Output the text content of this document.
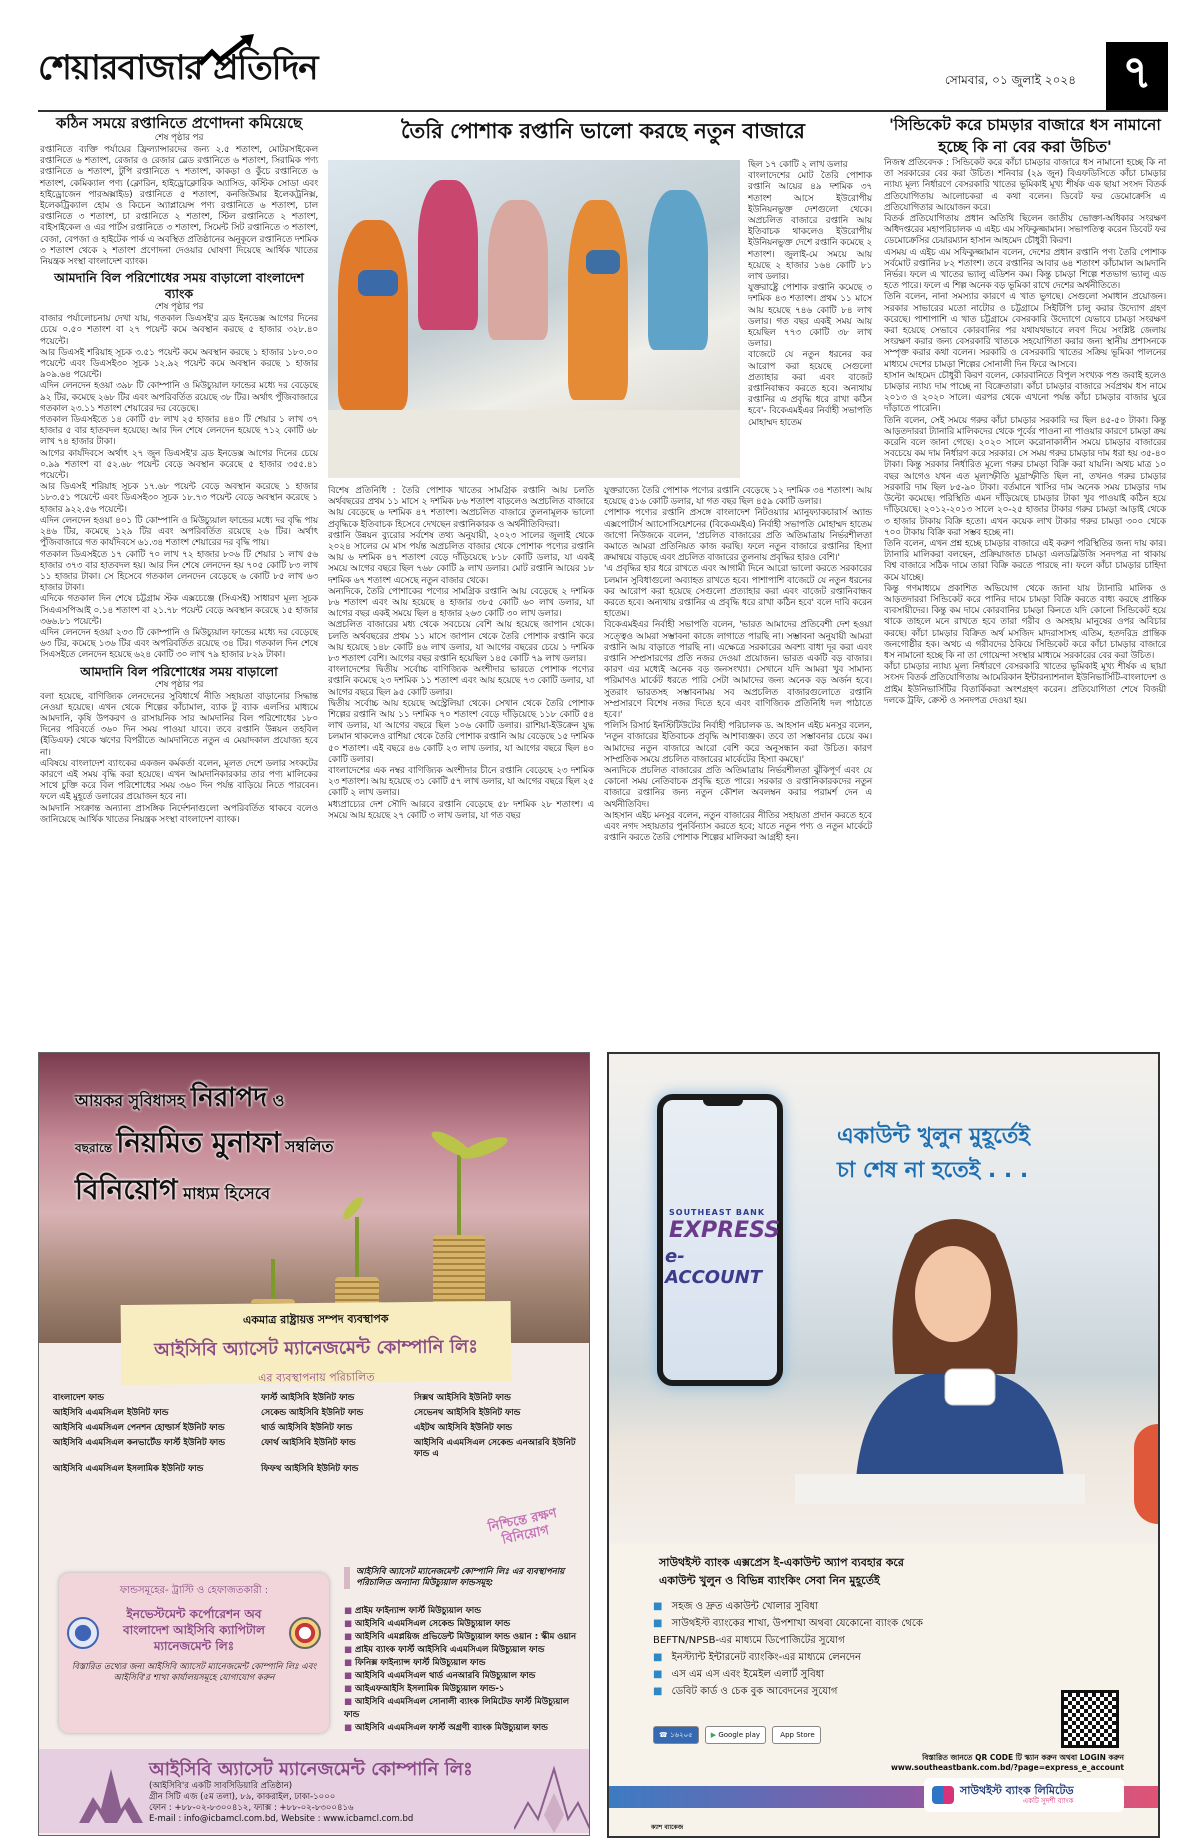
শেয়ারবাজার প্রতিদিন	সোমবার, ০১ জুলাই ২০২৪	৭
কঠিন সময়ে রপ্তানিতে প্রণোদনা কমিয়েছে
শেষ পৃষ্ঠার পর

রপ্তানিতে ব্যক্তি পর্যায়ের ফ্রিল্যান্সারদের জন্য ২.৫ শতাংশ, মোটরসাইকেল রপ্তানিতে ৬ শতাংশ, রেজার ও রেজার ব্লেড রপ্তানিতে ৬ শতাংশ, সিরামিক পণ্য রপ্তানিতে ৬ শতাংশ, টুপি রপ্তানিতে ৭ শতাংশ, কাকড়া ও কুঁচে রপ্তানিতে ৬ শতাংশ, কেমিক্যাল পণ্য (ক্লোরিন, হাইড্রোক্লোরিক অ্যাসিড, কস্টিক সোডা এবং হাইড্রোজেন পারঅক্সাইড) রপ্তানিতে ৫ শতাংশ, কনজিউমার ইলেকট্রনিক্স, ইলেকট্রিক্যাল হোম ও কিচেন অ্যাপ্লায়েন্স পণ্য রপ্তানিতে ৬ শতাংশ, চাল রপ্তানিতে ৩ শতাংশ, চা রপ্তানিতে ২ শতাংশ, স্টিল রপ্তানিতে ২ শতাংশ, বাইসাইকেল ও এর পার্টস রপ্তানিতে ৩ শতাংশ, সিমেন্ট সিট রপ্তানিতে ৩ শতাংশ, বেজা, বেপজা ও হাইটেক পার্ক এ অবস্থিত প্রতিষ্ঠানের অনুকূলে রপ্তানিতে দশমিক ৩ শতাংশ থেকে ২ শতাংশ প্রণোদনা দেওয়ার ঘোষণা দিয়েছে আর্থিক খাতের নিয়ন্ত্রক সংস্থা বাংলাদেশ ব্যাংক।

আমদানি বিল পরিশোধের সময় বাড়ালো বাংলাদেশ ব্যাংক
শেষ পৃষ্ঠার পর

বাজার পর্যালোচনায় দেখা যায়, গতকাল ডিএসই'র ব্রড ইনডেক্স আগের দিনের চেয়ে ০.৫০ শতাংশ বা ২৭ পয়েন্ট কমে অবস্থান করছে ৫ হাজার ৩২৮.৪০ পয়েন্টে।

আর ডিএসই শরিয়াহ সূচক ৩.৫১ পয়েন্ট কমে অবস্থান করছে ১ হাজার ১৮০.০০ পয়েন্টে এবং ডিএসই৩০ সূচক ১২.৯২ পয়েন্ট কমে অবস্থান করছে ১ হাজার ৯০৯.৬৪ পয়েন্টে।

এদিন লেনদেন হওয়া ৩৯৮ টি কোম্পানি ও মিউচ্যুয়াল ফান্ডের মধ্যে দর বেড়েছে ৯২ টির, কমেছে ২৬৮ টির এবং অপরিবর্তিত রয়েছে ৩৮ টির। অর্থাৎ পুঁজিবাজারে গতকাল ২৩.১১ শতাংশ শেয়ারের দর বেড়েছে।

গতকাল ডিএসইতে ১৪ কোটি ৫৮ লাখ ২৫ হাজার ৪৪০ টি শেয়ার ১ লাখ ৩৭ হাজার ৫ বার হাতবদল হয়েছে। আর দিন শেষে লেনদেন হয়েছে ৭১২ কোটি ৬৮ লাখ ৭৪ হাজার টাকা।

আগের কার্যদিবসে অর্থাৎ ২৭ জুন ডিএসই'র ব্রড ইনডেক্স আগের দিনের চেয়ে ০.৯৯ শতাংশ বা ৫২.৬৮ পয়েন্ট বেড়ে অবস্থান করেছে ৫ হাজার ৩৫৫.৪১ পয়েন্টে।

আর ডিএসই শরিয়াহ সূচক ১৭.৬৮ পয়েন্ট বেড়ে অবস্থান করেছে ১ হাজার ১৮৩.৫১ পয়েন্টে এবং ডিএসই৩০ সূচক ১৮.৭৩ পয়েন্ট বেড়ে অবস্থান করেছে ১ হাজার ৯২২.৫৬ পয়েন্টে।

এদিন লেনদেন হওয়া ৪০১ টি কোম্পানি ও মিউচ্যুয়াল ফান্ডের মধ্যে দর বৃদ্ধি পায় ২৪৬ টির, কমেছে ১২৯ টির এবং অপরিবর্তিত রয়েছে ২৬ টির। অর্থাৎ পুঁজিবাজারে গত কার্যদিবসে ৬১.৩৪ শতাংশ শেয়ারের দর বৃদ্ধি পায়।

গতকাল ডিএসইতে ১৭ কোটি ৭০ লাখ ৭২ হাজার ৮০৬ টি শেয়ার ১ লাখ ৫৬ হাজার ৩৭৩ বার হাতবদল হয়। আর দিন শেষে লেনদেন হয় ৭০৫ কোটি ৮৩ লাখ ১১ হাজার টাকা। সে হিসেবে গতকাল লেনদেন বেড়েছে ৬ কোটি ৮৫ লাখ ৬৩ হাজার টাকা।

এদিকে গতকাল দিন শেষে চট্টগ্রাম স্টক এক্সচেঞ্জে (সিএসই) সাধারণ মূল্য সূচক সিএএসপিআই ০.১৪ শতাংশ বা ২১.৭৮ পয়েন্ট বেড়ে অবস্থান করেছে ১৫ হাজার ৩৬৬.৮১ পয়েন্টে।

এদিন লেনদেন হওয়া ২৩৩ টি কোম্পানি ও মিউচ্যুয়াল ফান্ডের মধ্যে দর বেড়েছে ৬৩ টির, কমেছে ১৩৬ টির এবং অপরিবর্তিত রয়েছে ৩৪ টির। গতকাল দিন শেষে সিএসইতে লেনদেন হয়েছে ৬২৪ কোটি ৩০ লাখ ৭৯ হাজার ৮২৯ টাকা।

আমদানি বিল পরিশোধের সময় বাড়ালো
শেষ পৃষ্ঠার পর

বলা হয়েছে, বাণিজ্যিক লেনদেনের সুবিধার্থে নীতি সহায়তা বাড়ানোর সিদ্ধান্ত নেওয়া হয়েছে। এখন থেকে শিল্পের কাঁচামাল, ব্যাক টু ব্যাক এলসির মাধ্যমে আমদানি, কৃষি উপকরণ ও রাসায়নিক সার আমদানির বিল পরিশোধের ১৮০ দিনের পরিবর্তে ৩৬০ দিন সময় পাওয়া যাবে। তবে রপ্তানি উন্নয়ন তহবিল (ইডিএফ) থেকে ঋণের বিপরীতে আমদানিতে নতুন এ মেয়াদকাল প্রযোজ্য হবে না।

এবিষয়ে বাংলাদেশ ব্যাংকের একজন কর্মকর্তা বলেন, মূলত দেশে ডলার সংকটের কারণে এই সময় বৃদ্ধি করা হয়েছে। এখন আমদানিকারকার তার পণ্য মালিকের সাথে চুক্তি করে বিল পরিশোধের সময় ৩৬০ দিন পর্যন্ত বাড়িয়ে নিতে পারবেন। ফলে এই মুহূর্তে ডলারের প্রয়োজন হবে না।

আমদানি সংক্রান্ত অন্যান্য প্রাসঙ্গিক নির্দেশনাগুলো অপরিবর্তিত থাকবে বলেও জানিয়েছে আর্থিক খাতের নিয়ন্ত্রক সংস্থা বাংলাদেশ ব্যাংক।

তৈরি পোশাক রপ্তানি ভালো করছে নতুন বাজারে

ছিল ১৭ কোটি ২ লাখ ডলার

বাংলাদেশের মোট তৈরি পোশাক রপ্তানি আয়ের ৪৯ দশমিক ৩৭ শতাংশ আসে ইউরোপীয় ইউনিয়নভুক্ত দেশগুলো থেকে। অপ্রচলিত বাজারে রপ্তানি আয় ইতিবাচক থাকলেও ইউরোপীয় ইউনিয়নভুক্ত দেশে রপ্তানি কমেছে ২ শতাংশ। জুলাই-মে সময়ে আয় হয়েছে ২ হাজার ১৬৪ কোটি ৮১ লাখ ডলার।

যুক্তরাষ্ট্রে পোশাক রপ্তানি কমেছে ৩ দশমিক ৪৩ শতাংশ। প্রথম ১১ মাসে আয় হয়েছে ৭৪৬ কোটি ৮৪ লাখ ডলার। গত বছর একই সময় আয় হয়েছিল ৭৭৩ কোটি ৩৮ লাখ ডলার।

বাজেটে যে নতুন ধরনের কর আরোপ করা হয়েছে সেগুলো প্রত্যাহার করা এবং বাজেট রপ্তানিবান্ধব করতে হবে। অন্যথায় রপ্তানির এ প্রবৃদ্ধি ধরে রাখা কঠিন হবে'- বিকেএমইএর নির্বাহী সভাপতি মোহাম্মদ হাতেম

বিশেষ প্রতিনিধি : তৈরি পোশাক খাতের সামগ্রিক রপ্তানি আয় চলতি অর্থবছরের প্রথম ১১ মাসে ২ দশমিক ৮৬ শতাংশ বাড়লেও অপ্রচলিত বাজারে আয় বেড়েছে ৬ দশমিক ৪৭ শতাংশ। অপ্রচলিত বাজারে তুলনামূলক ভালো প্রবৃদ্ধিকে ইতিবাচক হিসেবে দেখছেন রপ্তানিকারক ও অর্থনীতিবিদরা।

রপ্তানি উন্নয়ন ব্যুরোর সর্বশেষ তথ্য অনুযায়ী, ২০২৩ সালের জুলাই থেকে ২০২৪ সালের মে মাস পর্যন্ত অপ্রচলিত বাজার থেকে পোশাক পণ্যের রপ্তানি আয় ৬ দশমিক ৪৭ শতাংশ বেড়ে দাঁড়িয়েছে ৮১৮ কোটি ডলার, যা একই সময়ে আগের বছরে ছিল ৭৬৮ কোটি ৯ লাখ ডলার। মোট রপ্তানি আয়ের ১৮ দশমিক ৬৭ শতাংশ এসেছে নতুন বাজার থেকে।

অন্যদিকে, তৈরি পোশাকের পণ্যের সামগ্রিক রপ্তানি আয় বেড়েছে ২ দশমিক ৮৬ শতাংশ এবং আয় হয়েছে ৪ হাজার ৩৮৫ কোটি ৬০ লাখ ডলার, যা আগের বছর একই সময়ে ছিল ৪ হাজার ২৬৩ কোটি ৩০ লাখ ডলার।

অপ্রচলিত বাজারের মধ্য থেকে সবচেয়ে বেশি আয় হয়েছে জাপান থেকে। চলতি অর্থবছরের প্রথম ১১ মাসে জাপান থেকে তৈরি পোশাক রপ্তানি করে আয় হয়েছে ১৪৮ কোটি ৪৬ লাখ ডলার, যা আগের বছরের চেয়ে ১ দশমিক ৮৩ শতাংশ বেশি। আগের বছর রপ্তানি হয়েছিল ১৪৫ কোটি ৭৯ লাখ ডলার।

বাংলাদেশের দ্বিতীয় সর্বোচ্চ বাণিজ্যিক অংশীদার ভারতে পোশাক পণ্যের রপ্তানি কমেছে ২৩ দশমিক ১১ শতাংশ এবং আয় হয়েছে ৭৩ কোটি ডলার, যা আগের বছরে ছিল ৯৫ কোটি ডলার।

দ্বিতীয় সর্বোচ্চ আয় হয়েছে অস্ট্রেলিয়া থেকে। সেখান থেকে তৈরি পোশাক শিল্পের রপ্তানি আয় ১১ দশমিক ৭০ শতাংশ বেড়ে দাঁড়িয়েছে ১১৮ কোটি ৫৪ লাখ ডলার, যা আগের বছরে ছিল ১০৬ কোটি ডলার। রাশিয়া-ইউক্রেন যুদ্ধ চলমান থাকলেও রাশিয়া থেকে তৈরি পোশাক রপ্তানি আয় বেড়েছে ১৫ দশমিক ৫০ শতাংশ। এই বছরে ৪৬ কোটি ২৩ লাখ ডলার, যা আগের বছরে ছিল ৪০ কোটি ডলার।

বাংলাদেশের এক নম্বর বাণিজ্যিক অংশীদার চীনে রপ্তানি বেড়েছে ২৩ দশমিক ২৩ শতাংশ। আয় হয়েছে ৩১ কোটি ৫৭ লাখ ডলার, যা আগের বছরে ছিল ২৫ কোটি ২ লাখ ডলার।

মধ্যপ্রাচ্যের দেশ সৌদি আরবে রপ্তানি বেড়েছে ৫৮ দশমিক ২৮ শতাংশ। এ সময়ে আয় হয়েছে ২৭ কোটি ৩ লাখ ডলার, যা গত বছর

যুক্তরাজ্যে তৈরি পোশাক পণ্যের রপ্তানি বেড়েছে ১২ দশমিক ৩৪ শতাংশ। আয় হয়েছে ৫১৬ কোটি ডলার, যা গত বছর ছিল ৪৫৯ কোটি ডলার।

পোশাক পণ্যের রপ্তানি প্রসঙ্গে বাংলাদেশ নিটওয়্যার ম্যানুফ্যাকচারার্স অ্যান্ড এক্সপোর্টার্স অ্যাসোসিয়েশনের (বিকেএমইএ) নির্বাহী সভাপতি মোহাম্মদ হাতেম জাগো নিউজকে বলেন, 'প্রচলিত বাজারের প্রতি অতিমাত্রায় নির্ভরশীলতা কমাতে আমরা প্রতিনিয়ত কাজ করছি। ফলে নতুন বাজারে রপ্তানির হিস্যা ক্রমান্বয়ে বাড়ছে এবং প্রচলিত বাজারের তুলনায় প্রবৃদ্ধির হারও বেশি।'

'এ প্রবৃদ্ধির হার ধরে রাখতে এবং আগামী দিনে আরো ভালো করতে সরকারের চলমান সুবিধাগুলো অব্যাহত রাখতে হবে। পাশাপাশি বাজেটে যে নতুন ধরনের কর আরোপ করা হয়েছে সেগুলো প্রত্যাহার করা এবং বাজেট রপ্তানিবান্ধব করতে হবে। অন্যথায় রপ্তানির এ প্রবৃদ্ধি ধরে রাখা কঠিন হবে' বলে দাবি করেন হাতেম।

বিকেএমইএর নির্বাহী সভাপতি বলেন, 'ভারত আমাদের প্রতিবেশী দেশ হওয়া সত্ত্বেও আমরা সম্ভাবনা কাজে লাগাতে পারছি না। সম্ভাবনা অনুযায়ী আমরা রপ্তানি আয় বাড়াতে পারছি না। এক্ষেত্রে সরকারের অবশ্য বাধা দূর করা এবং রপ্তানি সম্প্রসারণের প্রতি নজর দেওয়া প্রয়োজন। ভারত একটি বড় বাজার। কারণ এর মধ্যেই অনেক বড় জনসংখ্যা। সেখানে যদি আমরা খুব সামান্য পরিমাণও মার্কেট ধরতে পারি সেটা আমাদের জন্য অনেক বড় অর্জন হবে। সুতরাং ভারতসহ সম্ভাবনাময় সব অপ্রচলিত বাজারগুলোতে রপ্তানি সম্প্রসারণে বিশেষ নজর দিতে হবে এবং বাণিজ্যিক প্রতিনিধি দল পাঠাতে হবে।'

পলিসি রিসার্চ ইনস্টিটিউটের নির্বাহী পরিচালক ড. আহসান এইচ মনসুর বলেন, 'নতুন বাজারের ইতিবাচক প্রবৃদ্ধি আশাব্যঞ্জক। তবে তা সম্ভাবনার চেয়ে কম। আমাদের নতুন বাজারে আরো বেশি করে অনুসন্ধান করা উচিত। কারণ সাম্প্রতিক সময়ে প্রচলিত বাজারের মার্কেটের হিস্যা কমছে।'

অন্যদিকে প্রচলিত বাজারের প্রতি অতিমাত্রায় নির্ভরশীলতা ঝুঁকিপূর্ণ এবং যে কোনো সময় নেতিবাচক প্রবৃদ্ধি হতে পারে। সরকার ও রপ্তানিকারকদের নতুন বাজারে রপ্তানির জন্য নতুন কৌশল অবলম্বন করার পরামর্শ দেন এ অর্থনীতিবিদ।

আহসান এইচ মনসুর বলেন, নতুন বাজারের নীতির সহায়তা প্রদান করতে হবে এবং নগদ সহায়তার পুনর্বিন্যাস করতে হবে; যাতে নতুন পণ্য ও নতুন মার্কেটে রপ্তানি করতে তৈরি পোশাক শিল্পের মালিকরা আগ্রহী হন।

'সিন্ডিকেট করে চামড়ার বাজারে ধস নামানো হচ্ছে কি না বের করা উচিত'

নিজস্ব প্রতিবেদক : সিন্ডিকেট করে কাঁচা চামড়ার বাজারে ধস নামানো হচ্ছে কি না তা সরকারের বের করা উচিত। শনিবার (২৯ জুন) বিএফডিসিতে কাঁচা চামড়ার ন্যায্য মূল্য নির্ধারণে বেসরকারি খাতের ভূমিকাই মূখ্য শীর্ষক এক ছায়া সংসদ বিতর্ক প্রতিযোগিতায় আলোচকরা এ কথা বলেন। ডিবেট ফর ডেমোক্রেসি এ প্রতিযোগিতার আয়োজন করে।

বিতর্ক প্রতিযোগিতায় প্রধান অতিথি ছিলেন জাতীয় ভোক্তা-অধিকার সংরক্ষণ অধিদপ্তরের মহাপরিচালক এ এইচ এম সফিকুজ্জামান। সভাপতিত্ব করেন ডিবেট ফর ডেমোক্রেসির চেয়ারম্যান হাসান আহমেদ চৌধুরী কিরণ।

এসময় এ এইচ এম সফিকুজ্জামান বলেন, দেশের প্রধান রপ্তানি পণ্য তৈরি পোশাক সর্বমোট রপ্তানির ৮২ শতাংশ। তবে রপ্তানির আবার ৬৪ শতাংশ কাঁচামাল আমদানি নির্ভর। ফলে এ খাতের ভ্যালু এডিশন কম। কিন্তু চামড়া শিল্পে শতভাগ ভ্যালু এড হতে পারে। ফলে এ শিল্প অনেক বড় ভূমিকা রাখে দেশের অর্থনীতিতে।

তিনি বলেন, নানা সমস্যার কারণে এ খাত ভুগছে। সেগুলো সমাধান প্রয়োজন। সরকার সাভারের মতো নাটোর ও চট্টগ্রামে সিইটিপি চালু করার উদ্যোগ গ্রহণ করেছে। পাশাপাশি এ খাত চট্টগ্রামে বেসরকারি উদ্যোগে যেভাবে চামড়া সংরক্ষণ করা হয়েছে সেভাবে কোরবানির পর যথাযথভাবে লবণ দিয়ে সংশ্লিষ্ট জেলায় সংরক্ষণ করার জন্য বেসরকারি খাতকে সহযোগিতা করার জন্য স্থানীয় প্রশাসনকে সম্পৃক্ত করার কথা বলেন। সরকারি ও বেসরকারি খাতের সক্রিয় ভূমিকা পালনের মাধ্যমে দেশের চামড়া শিল্পের সোনালী দিন ফিরে আসবে।

হাসান আহমেদ চৌধুরী কিরণ বলেন, কোরবানিতে বিপুল সংখ্যক পশু জবাই হলেও চামড়ার ন্যায্য দাম পাচ্ছে না বিক্রেতারা। কাঁচা চামড়ার বাজারে সর্বপ্রথম ধস নামে ২০১৩ ও ২০২০ সালে। এরপর থেকে এখনো পর্যন্ত কাঁচা চামড়ার বাজার ঘুরে দাঁড়াতে পারেনি।

তিনি বলেন, সেই সময়ে গরুর কাঁচা চামড়ার সরকারি দর ছিল ৪৫-৫০ টাকা। কিন্তু আড়তদাররা ট্যানারি মালিকদের থেকে পূর্বের পাওনা না পাওয়ার কারণে চামড়া ক্রয় করেনি বলে জানা গেছে। ২০২০ সালে করোনাকালীন সময়ে চামড়ার বাজারের সবচেয়ে কম দাম নির্ধারণ করে সরকার। সে সময় গরুর চামড়ার দাম ধরা হয় ৩৫-৪০ টাকা। কিন্তু সরকার নির্ধারিত মূল্যে গরুর চামড়া বিক্রি করা যায়নি। অথচ মাত্র ১০ বছর আগেও যখন এত মূল্যস্ফীতি মুদ্রাস্ফীতি ছিল না, তখনও গরুর চামড়ার সরকারি দাম ছিল ৮৫-৯০ টাকা। বর্তমানে খাসির দাম অনেক সময় চামড়ার দাম উল্টো কমেছে। পরিস্থিতি এমন দাঁড়িয়েছে চামড়ার টাকা খুব পাওয়াই কঠিন হয়ে দাঁড়িয়েছে। ২০১২-২০১৩ সালে ২০-২৫ হাজার টাকার গরুর চামড়া আড়াই থেকে ৩ হাজার টাকায় বিক্রি হতো। এখন কয়েক লাখ টাকার গরুর চামড়া ৩০০ থেকে ৭০০ টাকায় বিক্রি করা সম্ভব হচ্ছে না।

তিনি বলেন, এখন প্রশ্ন হচ্ছে চামড়ার বাজারে এই করুণ পরিস্থিতির জন্য দায় কার। ট্যানারি মালিকরা বলছেন, প্রক্রিয়াজাত চামড়া এলডব্লিউজি সনদপত্র না থাকায় বিশ্ব বাজারে সঠিক দামে তারা বিক্রি করতে পারছে না। ফলে কাঁচা চামড়ার চাহিদা কমে যাচ্ছে।

কিন্তু গণমাধ্যমে প্রকাশিত অভিযোগ থেকে জানা যায় ট্যানারি মালিক ও আড়তদাররা সিন্ডিকেট করে পানির দামে চামড়া বিক্রি করতে বাধ্য করছে প্রান্তিক ব্যবসায়ীদের। কিন্তু কম দামে কোরবানির চামড়া কিনতে যদি কোনো সিন্ডিকেট হয়ে থাকে তাহলে মনে রাখতে হবে তারা গরীব ও অসহায় মানুষের ওপর অবিচার করছে। কাঁচা চামড়ার বিক্রিত অর্থ মসজিদ মাদরাসাসহ এতিম, হতদরিদ্র প্রান্তিক জনগোষ্ঠীর হক। অথচ এ গরীবদের ঠকিয়ে সিন্ডিকেট করে কাঁচা চামড়ার বাজারে ধস নামানো হচ্ছে কি না তা গোয়েন্দা সংস্থার মাধ্যমে সরকারের বের করা উচিত।

কাঁচা চামড়ার ন্যায্য মূল্য নির্ধারণে বেসরকারি খাতের ভূমিকাই মূখ্য শীর্ষক এ ছায়া সংসদ বিতর্ক প্রতিযোগিতায় আমেরিকান ইন্টারন্যাশনাল ইউনিভার্সিটি-বাংলাদেশ ও প্রাইম ইউনিভার্সিটির বিতার্কিকরা অংশগ্রহণ করেন। প্রতিযোগিতা শেষে বিজয়ী দলকে ট্রফি, ক্রেস্ট ও সনদপত্র দেওয়া হয়।

আয়কর সুবিধাসহ নিরাপদ ও
বছরান্তে নিয়মিত মুনাফা সম্বলিত
বিনিয়োগ মাধ্যম হিসেবে
একমাত্র রাষ্ট্রায়ত্ত সম্পদ ব্যবস্থাপক
আইসিবি অ্যাসেট ম্যানেজমেন্ট কোম্পানি লিঃ
এর ব্যবস্থাপনায় পরিচালিত
বাংলাদেশ ফান্ড	ফার্স্ট আইসিবি ইউনিট ফান্ড	সিক্সথ আইসিবি ইউনিট ফান্ড
আইসিবি এএমসিএল ইউনিট ফান্ড	সেকেন্ড আইসিবি ইউনিট ফান্ড	সেভেনথ আইসিবি ইউনিট ফান্ড
আইসিবি এএমসিএল পেনশন হোল্ডার্স ইউনিট ফান্ড	থার্ড আইসিবি ইউনিট ফান্ড	এইটথ আইসিবি ইউনিট ফান্ড
আইসিবি এএমসিএল কনভার্টেড ফার্স্ট ইউনিট ফান্ড	ফোর্থ আইসিবি ইউনিট ফান্ড	আইসিবি এএমসিএল সেকেন্ড এনআরবি ইউনিট ফান্ড এ
আইসিবি এএমসিএল ইসলামিক ইউনিট ফান্ড	ফিফথ আইসিবি ইউনিট ফান্ড
নিশ্চিন্তে রক্ষণ বিনিয়োগ
ফান্ডসমূহের- ট্রাস্টি ও হেফাজতকারী :
ইনভেস্টমেন্ট কর্পোরেশন অব বাংলাদেশ আইসিবি ক্যাপিটাল ম্যানেজমেন্ট লিঃ
বিস্তারিত তথ্যের জন্য আইসিবি অ্যাসেট ম্যানেজমেন্ট কোম্পানি লিঃ এবং আইসিবি'র শাখা কার্যালয়সমূহে যোগাযোগ করুন
আইসিবি অ্যাসেট ম্যানেজমেন্ট কোম্পানি লিঃ এর ব্যবস্থাপনায় পরিচালিত অন্যান্য মিউচ্যুয়াল ফান্ডসমূহ:
■ প্রাইম ফাইন্যান্স ফার্স্ট মিউচ্যুয়াল ফান্ড
■ আইসিবি এএমসিএল সেকেন্ড মিউচ্যুয়াল ফান্ড
■ আইসিবি এমপ্লয়িজ প্রভিডেন্ট মিউচ্যুয়াল ফান্ড ওয়ান : স্কীম ওয়ান
■ প্রাইম ব্যাংক ফার্স্ট আইসিবি এএমসিএল মিউচ্যুয়াল ফান্ড
■ ফিনিক্স ফাইন্যান্স ফার্স্ট মিউচ্যুয়াল ফান্ড
■ আইসিবি এএমসিএল থার্ড এনআরবি মিউচ্যুয়াল ফান্ড
■ আইএফআইসি ইসলামিক মিউচ্যুয়াল ফান্ড-১
■ আইসিবি এএমসিএল সোনালী ব্যাংক লিমিটেড ফার্স্ট মিউচ্যুয়াল ফান্ড
■ আইসিবি এএমসিএল ফার্স্ট অগ্রণী ব্যাংক মিউচ্যুয়াল ফান্ড
আইসিবি অ্যাসেট ম্যানেজমেন্ট কোম্পানি লিঃ
(আইসিবি'র একটি সাবসিডিয়ারি প্রতিষ্ঠান)
গ্রীন সিটি এজ (৫ম তলা), ৮৯, কাকরাইল, ঢাকা-১০০০
ফোন : +৮৮-০২-৮৩০০৪১২, ফ্যাক্স : +৮৮-০২-৮৩০০৪১৬
E-mail : info@icbamcl.com.bd, Website : www.icbamcl.com.bd
SOUTHEAST BANK
EXPRESS
e-ACCOUNT
একাউন্ট খুলুন মুহূর্তেই
চা শেষ না হতেই . . .
সাউথইস্ট ব্যাংক এক্সপ্রেস ই-একাউন্ট অ্যাপ ব্যবহার করে
একাউন্ট খুলুন ও বিভিন্ন ব্যাংকিং সেবা নিন মুহূর্তেই
■ সহজ ও দ্রুত একাউন্ট খোলার সুবিধা
■ সাউথইস্ট ব্যাংকের শাখা, উপশাখা অথবা যেকোনো ব্যাংক থেকে BEFTN/NPSB-এর মাধ্যমে ডিপোজিটের সুযোগ
■ ইনস্ট্যান্ট ইন্টারনেট ব্যাংকিং-এর মাধ্যমে লেনদেন
■ এস এম এস এবং ইমেইল এলার্ট সুবিধা
■ ডেবিট কার্ড ও চেক বুক আবেদনের সুযোগ
বিস্তারিত জানতে QR CODE টি স্ক্যান করুন অথবা LOGIN করুন
www.southeastbank.com.bd/?page=express_e_account
☎ ১৬২০৫	▶
Google play
	App Store
সাউথইস্ট ব্যাংক লিমিটেড
একটি সুদর্শী ব্যাংক
ক্যাশ ব্যাকেজ
